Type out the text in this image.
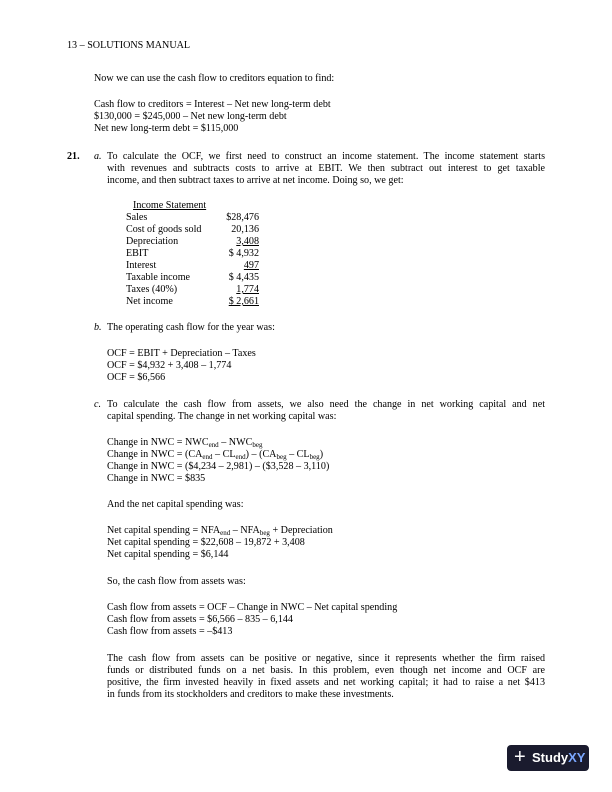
13 – SOLUTIONS MANUAL
Now we can use the cash flow to creditors equation to find:
Cash flow to creditors = Interest – Net new long-term debt
$130,000 = $245,000 – Net new long-term debt
Net new long-term debt = $115,000
21. a. To calculate the OCF, we first need to construct an income statement. The income statement starts
with revenues and subtracts costs to arrive at EBIT. We then subtract out interest to get taxable
income, and then subtract taxes to arrive at net income. Doing so, we get:
Income Statement
Sales	$28,476
Cost of goods sold	20,136
Depreciation	3,408
EBIT	$ 4,932
Interest	497
Taxable income	$ 4,435
Taxes (40%)	1,774
Net income	$ 2,661
b. The operating cash flow for the year was:
OCF = EBIT + Depreciation – Taxes
OCF = $4,932 + 3,408 – 1,774
OCF = $6,566
c. To calculate the cash flow from assets, we also need the change in net working capital and net
capital spending. The change in net working capital was:
Change in NWC = $NWC_{end} - NWC_{beg}$
Change in NWC = $(CA_{end} - CL_{end}) - (CA_{beg} - CL_{beg})$
Change in NWC = ($4,234 – 2,981) – ($3,528 – 3,110)
Change in NWC = $835
And the net capital spending was:
Net capital spending = $NFA_{end} - NFA_{beg}$ + Depreciation
Net capital spending = $22,608 – 19,872 + 3,408
Net capital spending = $6,144
So, the cash flow from assets was:
Cash flow from assets = OCF – Change in NWC – Net capital spending
Cash flow from assets = $6,566 – 835 – 6,144
Cash flow from assets = –$413
The cash flow from assets can be positive or negative, since it represents whether the firm raised
funds or distributed funds on a net basis. In this problem, even though net income and OCF are
positive, the firm invested heavily in fixed assets and net working capital; it had to raise a net $413
in funds from its stockholders and creditors to make these investments.
+ StudyXY
